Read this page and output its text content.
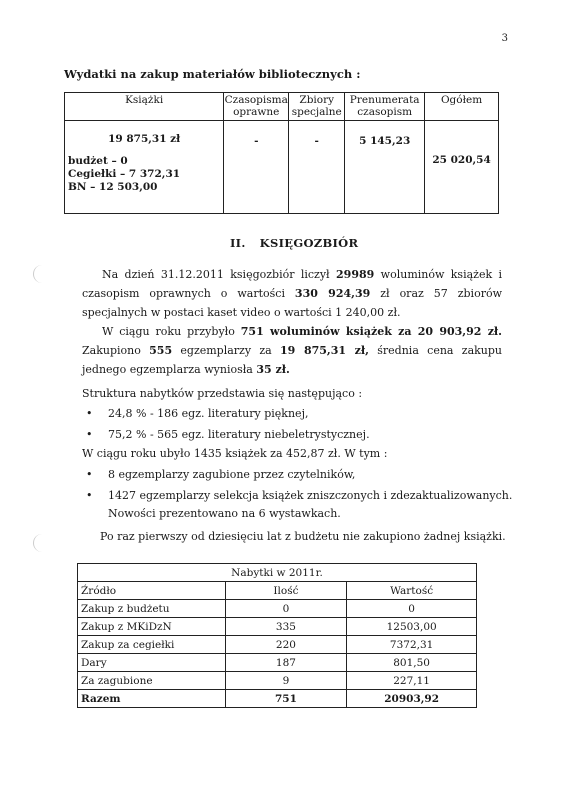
3
Wydatki na zakup materiałów bibliotecznych :
Książki	Czasopisma oprawne	Zbiory specjalne	Prenumerata czasopism	Ogółem

19 875,31 zł
budżet – 0
Cegiełki – 7 372,31
BN – 12 503,00	-	-	5 145,23	25 020,54
II. KSIĘGOZBIÓR
Na dzień 31.12.2011 księgozbiór liczył 29989 woluminów książek i czasopism oprawnych o wartości 330 924,39 zł oraz 57 zbiorów specjalnych w postaci kaset video o wartości 1 240,00 zł.
W ciągu roku przybyło 751 woluminów książek za 20 903,92 zł. Zakupiono 555 egzemplarzy za 19 875,31 zł, średnia cena zakupu jednego egzemplarza wyniosła 35 zł.
Struktura nabytków przedstawia się następująco :
• 24,8 % - 186 egz. literatury pięknej,
• 75,2 % - 565 egz. literatury niebeletrystycznej.
W ciągu roku ubyło 1435 książek za 452,87 zł. W tym :
• 8 egzemplarzy zagubione przez czytelników,
• 1427 egzemplarzy selekcja książek zniszczonych i zdezaktualizowanych.
Nowości prezentowano na 6 wystawkach.
Po raz pierwszy od dziesięciu lat z budżetu nie zakupiono żadnej książki.
Nabytki w 2011r.		
Źródło	Ilość	Wartość
Zakup z budżetu	0	0
Zakup z MKiDzN	335	12503,00
Zakup za cegiełki	220	7372,31
Dary	187	801,50
Za zagubione	9	227,11
Razem	751	20903,92
